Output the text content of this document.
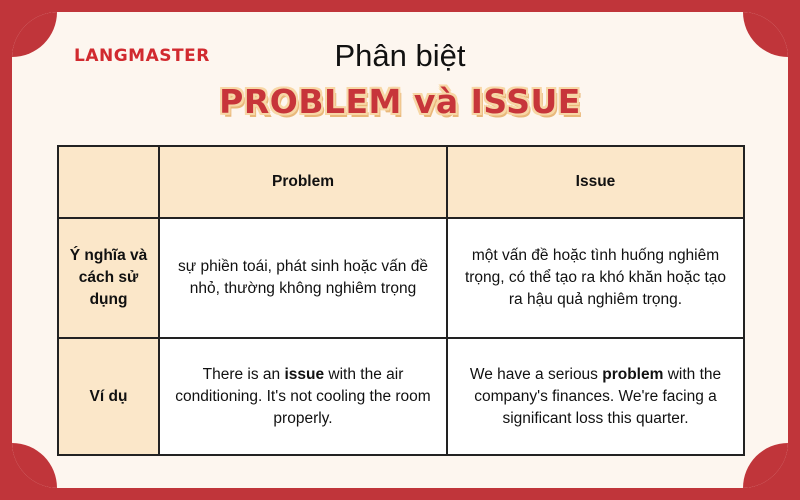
LANGMASTER	Phân biệt
PROBLEM và ISSUE
	Problem	Issue
Ý nghĩa và cách sử dụng	sự phiền toái, phát sinh hoặc vấn đề nhỏ, thường không nghiêm trọng	một vấn đề hoặc tình huống nghiêm trọng, có thể tạo ra khó khăn hoặc tạo ra hậu quả nghiêm trọng.
Ví dụ	There is an issue with the air conditioning. It's not cooling the room properly.	We have a serious problem with the company's finances. We're facing a significant loss this quarter.
